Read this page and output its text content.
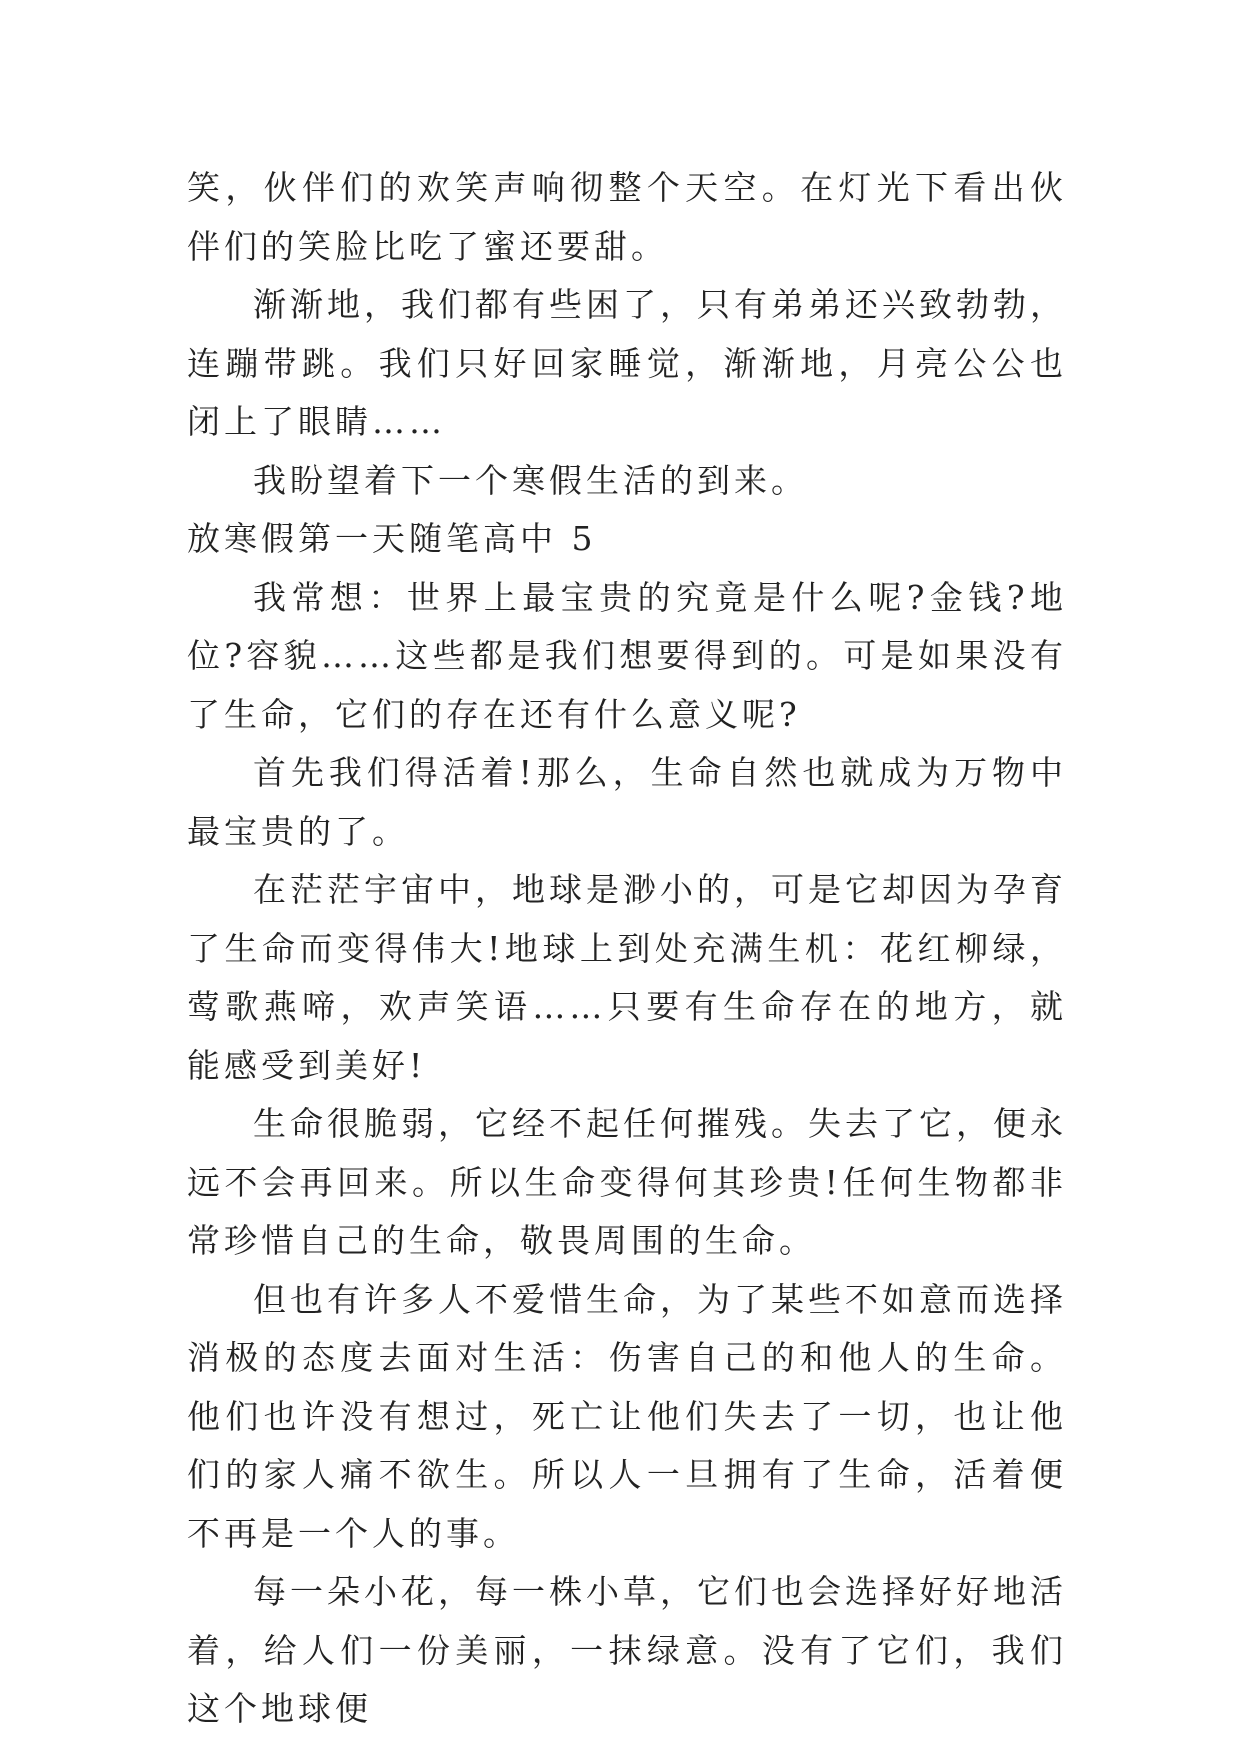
笑，伙伴们的欢笑声响彻整个天空。在灯光下看出伙伴们的笑脸比吃了蜜还要甜。

渐渐地，我们都有些困了，只有弟弟还兴致勃勃，连蹦带跳。我们只好回家睡觉，渐渐地，月亮公公也闭上了眼睛……

我盼望着下一个寒假生活的到来。

放寒假第一天随笔高中 5

我常想：世界上最宝贵的究竟是什么呢?金钱?地位?容貌……这些都是我们想要得到的。可是如果没有了生命，它们的存在还有什么意义呢?

首先我们得活着!那么，生命自然也就成为万物中最宝贵的了。

在茫茫宇宙中，地球是渺小的，可是它却因为孕育了生命而变得伟大!地球上到处充满生机：花红柳绿，莺歌燕啼，欢声笑语……只要有生命存在的地方，就能感受到美好!

生命很脆弱，它经不起任何摧残。失去了它，便永远不会再回来。所以生命变得何其珍贵!任何生物都非常珍惜自己的生命，敬畏周围的生命。

但也有许多人不爱惜生命，为了某些不如意而选择消极的态度去面对生活：伤害自己的和他人的生命。他们也许没有想过，死亡让他们失去了一切，也让他们的家人痛不欲生。所以人一旦拥有了生命，活着便不再是一个人的事。

每一朵小花，每一株小草，它们也会选择好好地活着，给人们一份美丽，一抹绿意。没有了它们，我们这个地球便
